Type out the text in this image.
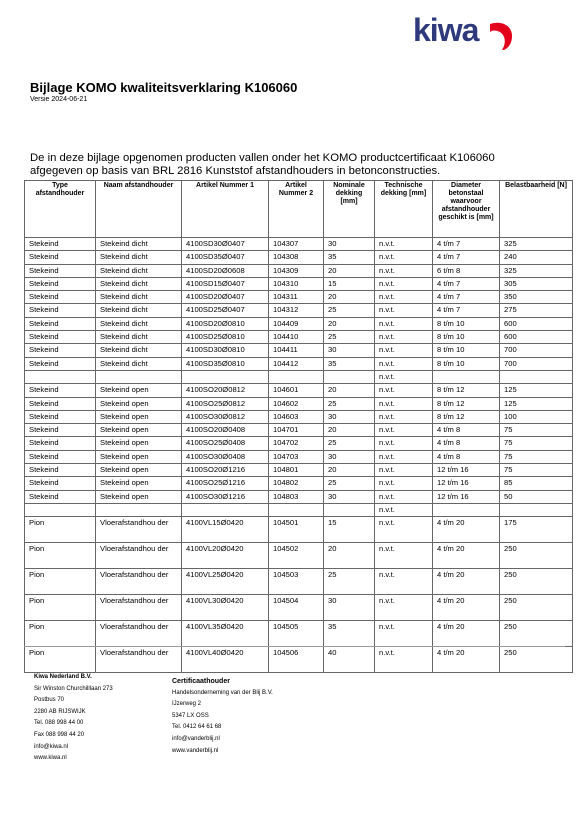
kiwa
Bijlage KOMO kwaliteitsverklaring K106060
Versie 2024-06-21
De in deze bijlage opgenomen producten vallen onder het KOMO productcertificaat K106060 afgegeven op basis van BRL 2816 Kunststof afstandhouders in betonconstructies.
Type afstandhouder	Naam afstandhouder	Artikel Nummer 1	Artikel Nummer 2	Nominale dekking [mm]	Technische dekking [mm]	Diameter betonstaal waarvoor afstandhouder geschikt is [mm]	Belastbaarheid [N]
Stekeind	Stekeind dicht	4100SD30Ø0407	104307	30	n.v.t.	4 t/m 7	325
Stekeind	Stekeind dicht	4100SD35Ø0407	104308	35	n.v.t.	4 t/m 7	240
Stekeind	Stekeind dicht	4100SD20Ø0608	104309	20	n.v.t.	6 t/m 8	325
Stekeind	Stekeind dicht	4100SD15Ø0407	104310	15	n.v.t.	4 t/m 7	305
Stekeind	Stekeind dicht	4100SD20Ø0407	104311	20	n.v.t.	4 t/m 7	350
Stekeind	Stekeind dicht	4100SD25Ø0407	104312	25	n.v.t.	4 t/m 7	275
Stekeind	Stekeind dicht	4100SD20Ø0810	104409	20	n.v.t.	8 t/m 10	600
Stekeind	Stekeind dicht	4100SD25Ø0810	104410	25	n.v.t.	8 t/m 10	600
Stekeind	Stekeind dicht	4100SD30Ø0810	104411	30	n.v.t.	8 t/m 10	700
Stekeind	Stekeind dicht	4100SD35Ø0810	104412	35	n.v.t.	8 t/m 10	700
					n.v.t.		
Stekeind	Stekeind open	4100SO20Ø0812	104601	20	n.v.t.	8 t/m 12	125
Stekeind	Stekeind open	4100SO25Ø0812	104602	25	n.v.t.	8 t/m 12	125
Stekeind	Stekeind open	4100SO30Ø0812	104603	30	n.v.t.	8 t/m 12	100
Stekeind	Stekeind open	4100SO20Ø0408	104701	20	n.v.t.	4 t/m 8	75
Stekeind	Stekeind open	4100SO25Ø0408	104702	25	n.v.t.	4 t/m 8	75
Stekeind	Stekeind open	4100SO30Ø0408	104703	30	n.v.t.	4 t/m 8	75
Stekeind	Stekeind open	4100SO20Ø1216	104801	20	n.v.t.	12 t/m 16	75
Stekeind	Stekeind open	4100SO25Ø1216	104802	25	n.v.t.	12 t/m 16	85
Stekeind	Stekeind open	4100SO30Ø1216	104803	30	n.v.t.	12 t/m 16	50
					n.v.t.		
Pion	Vloerafstandhou der	4100VL15Ø0420	104501	15	n.v.t.	4 t/m 20	175
Pion	Vloerafstandhou der	4100VL20Ø0420	104502	20	n.v.t.	4 t/m 20	250
Pion	Vloerafstandhou der	4100VL25Ø0420	104503	25	n.v.t.	4 t/m 20	250
Pion	Vloerafstandhou der	4100VL30Ø0420	104504	30	n.v.t.	4 t/m 20	250
Pion	Vloerafstandhou der	4100VL35Ø0420	104505	35	n.v.t.	4 t/m 20	250
Pion	Vloerafstandhou der	4100VL40Ø0420	104506	40	n.v.t.	4 t/m 20	250
Kiwa Nederland B.V.
Sir Winston Churchilllaan 273
Postbus 70
2280 AB RIJSWIJK
Tel. 088 998 44 00
Fax 088 998 44 20
info@kiwa.nl
www.kiwa.nl
Certificaathouder
Handelsonderneming van der Blij B.V.
IJzerweg 2
5347 LX OSS
Tel. 0412 64 61 68
info@vanderblij.nl
www.vanderblij.nl
